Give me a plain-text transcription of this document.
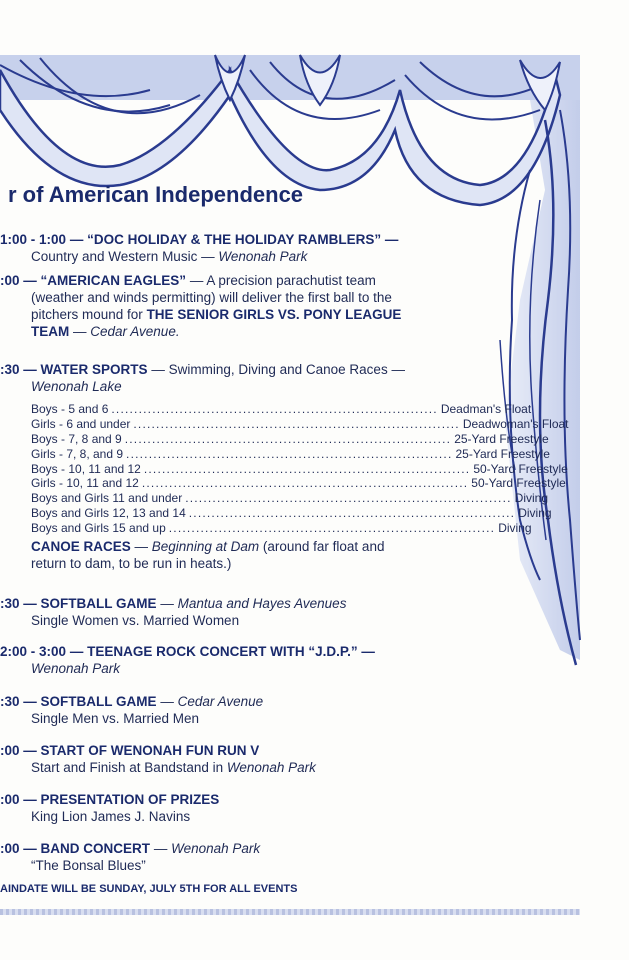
r of American Independence
1:00 - 1:00 — “DOC HOLIDAY & THE HOLIDAY RAMBLERS” —
Country and Western Music — Wenonah Park
:00 — “AMERICAN EAGLES” — A precision parachutist team
(weather and winds permitting) will deliver the first ball to the
pitchers mound for THE SENIOR GIRLS VS. PONY LEAGUE
TEAM — Cedar Avenue.
:30 — WATER SPORTS — Swimming, Diving and Canoe Races —
Wenonah Lake
Boys - 5 and 6 ........................................................................ Deadman's Float
Girls - 6 and under ........................................................................ Deadwoman's Float
Boys - 7, 8 and 9 ........................................................................ 25-Yard Freestyle
Girls - 7, 8, and 9 ........................................................................ 25-Yard Freestyle
Boys - 10, 11 and 12 ........................................................................ 50-Yard Freestyle
Girls - 10, 11 and 12 ........................................................................ 50-Yard Freestyle
Boys and Girls 11 and under ........................................................................ Diving
Boys and Girls 12, 13 and 14 ........................................................................ Diving
Boys and Girls 15 and up ........................................................................ Diving
CANOE RACES — Beginning at Dam (around far float and
return to dam, to be run in heats.)
:30 — SOFTBALL GAME — Mantua and Hayes Avenues
Single Women vs. Married Women
2:00 - 3:00 — TEENAGE ROCK CONCERT WITH “J.D.P.” —
Wenonah Park
:30 — SOFTBALL GAME — Cedar Avenue
Single Men vs. Married Men
:00 — START OF WENONAH FUN RUN V
Start and Finish at Bandstand in Wenonah Park
:00 — PRESENTATION OF PRIZES
King Lion James J. Navins
:00 — BAND CONCERT — Wenonah Park
“The Bonsal Blues”
AINDATE WILL BE SUNDAY, JULY 5TH FOR ALL EVENTS
